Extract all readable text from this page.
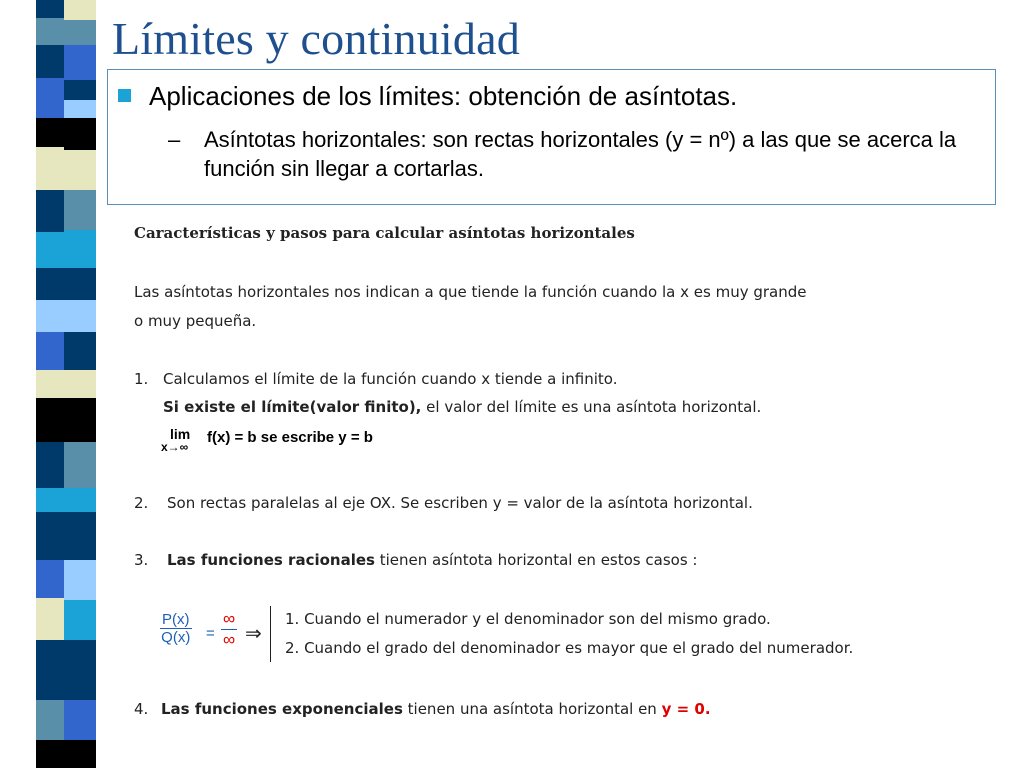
Límites y continuidad
Aplicaciones de los límites: obtención de asíntotas.
– Asíntotas horizontales: son rectas horizontales (y = nº) a las que se acerca la función sin llegar a cortarlas.
Características y pasos para calcular asíntotas horizontales
Las asíntotas horizontales nos indican a que tiende la función cuando la x es muy grande
o muy pequeña.
1. Calculamos el límite de la función cuando x tiende a infinito.
Si existe el límite(valor finito), el valor del límite es una asíntota horizontal.
2. Son rectas paralelas al eje OX. Se escriben y = valor de la asíntota horizontal.
3. Las funciones racionales tienen asíntota horizontal en estos casos :
1. Cuando el numerador y el denominador son del mismo grado.
2. Cuando el grado del denominador es mayor que el grado del numerador.
4. Las funciones exponenciales tienen una asíntota horizontal en y = 0.
lim
x→∞
f(x) = b se escribe y = b
$\frac{P(x)}{Q(x)}$ =
∞
∞ ⇒
